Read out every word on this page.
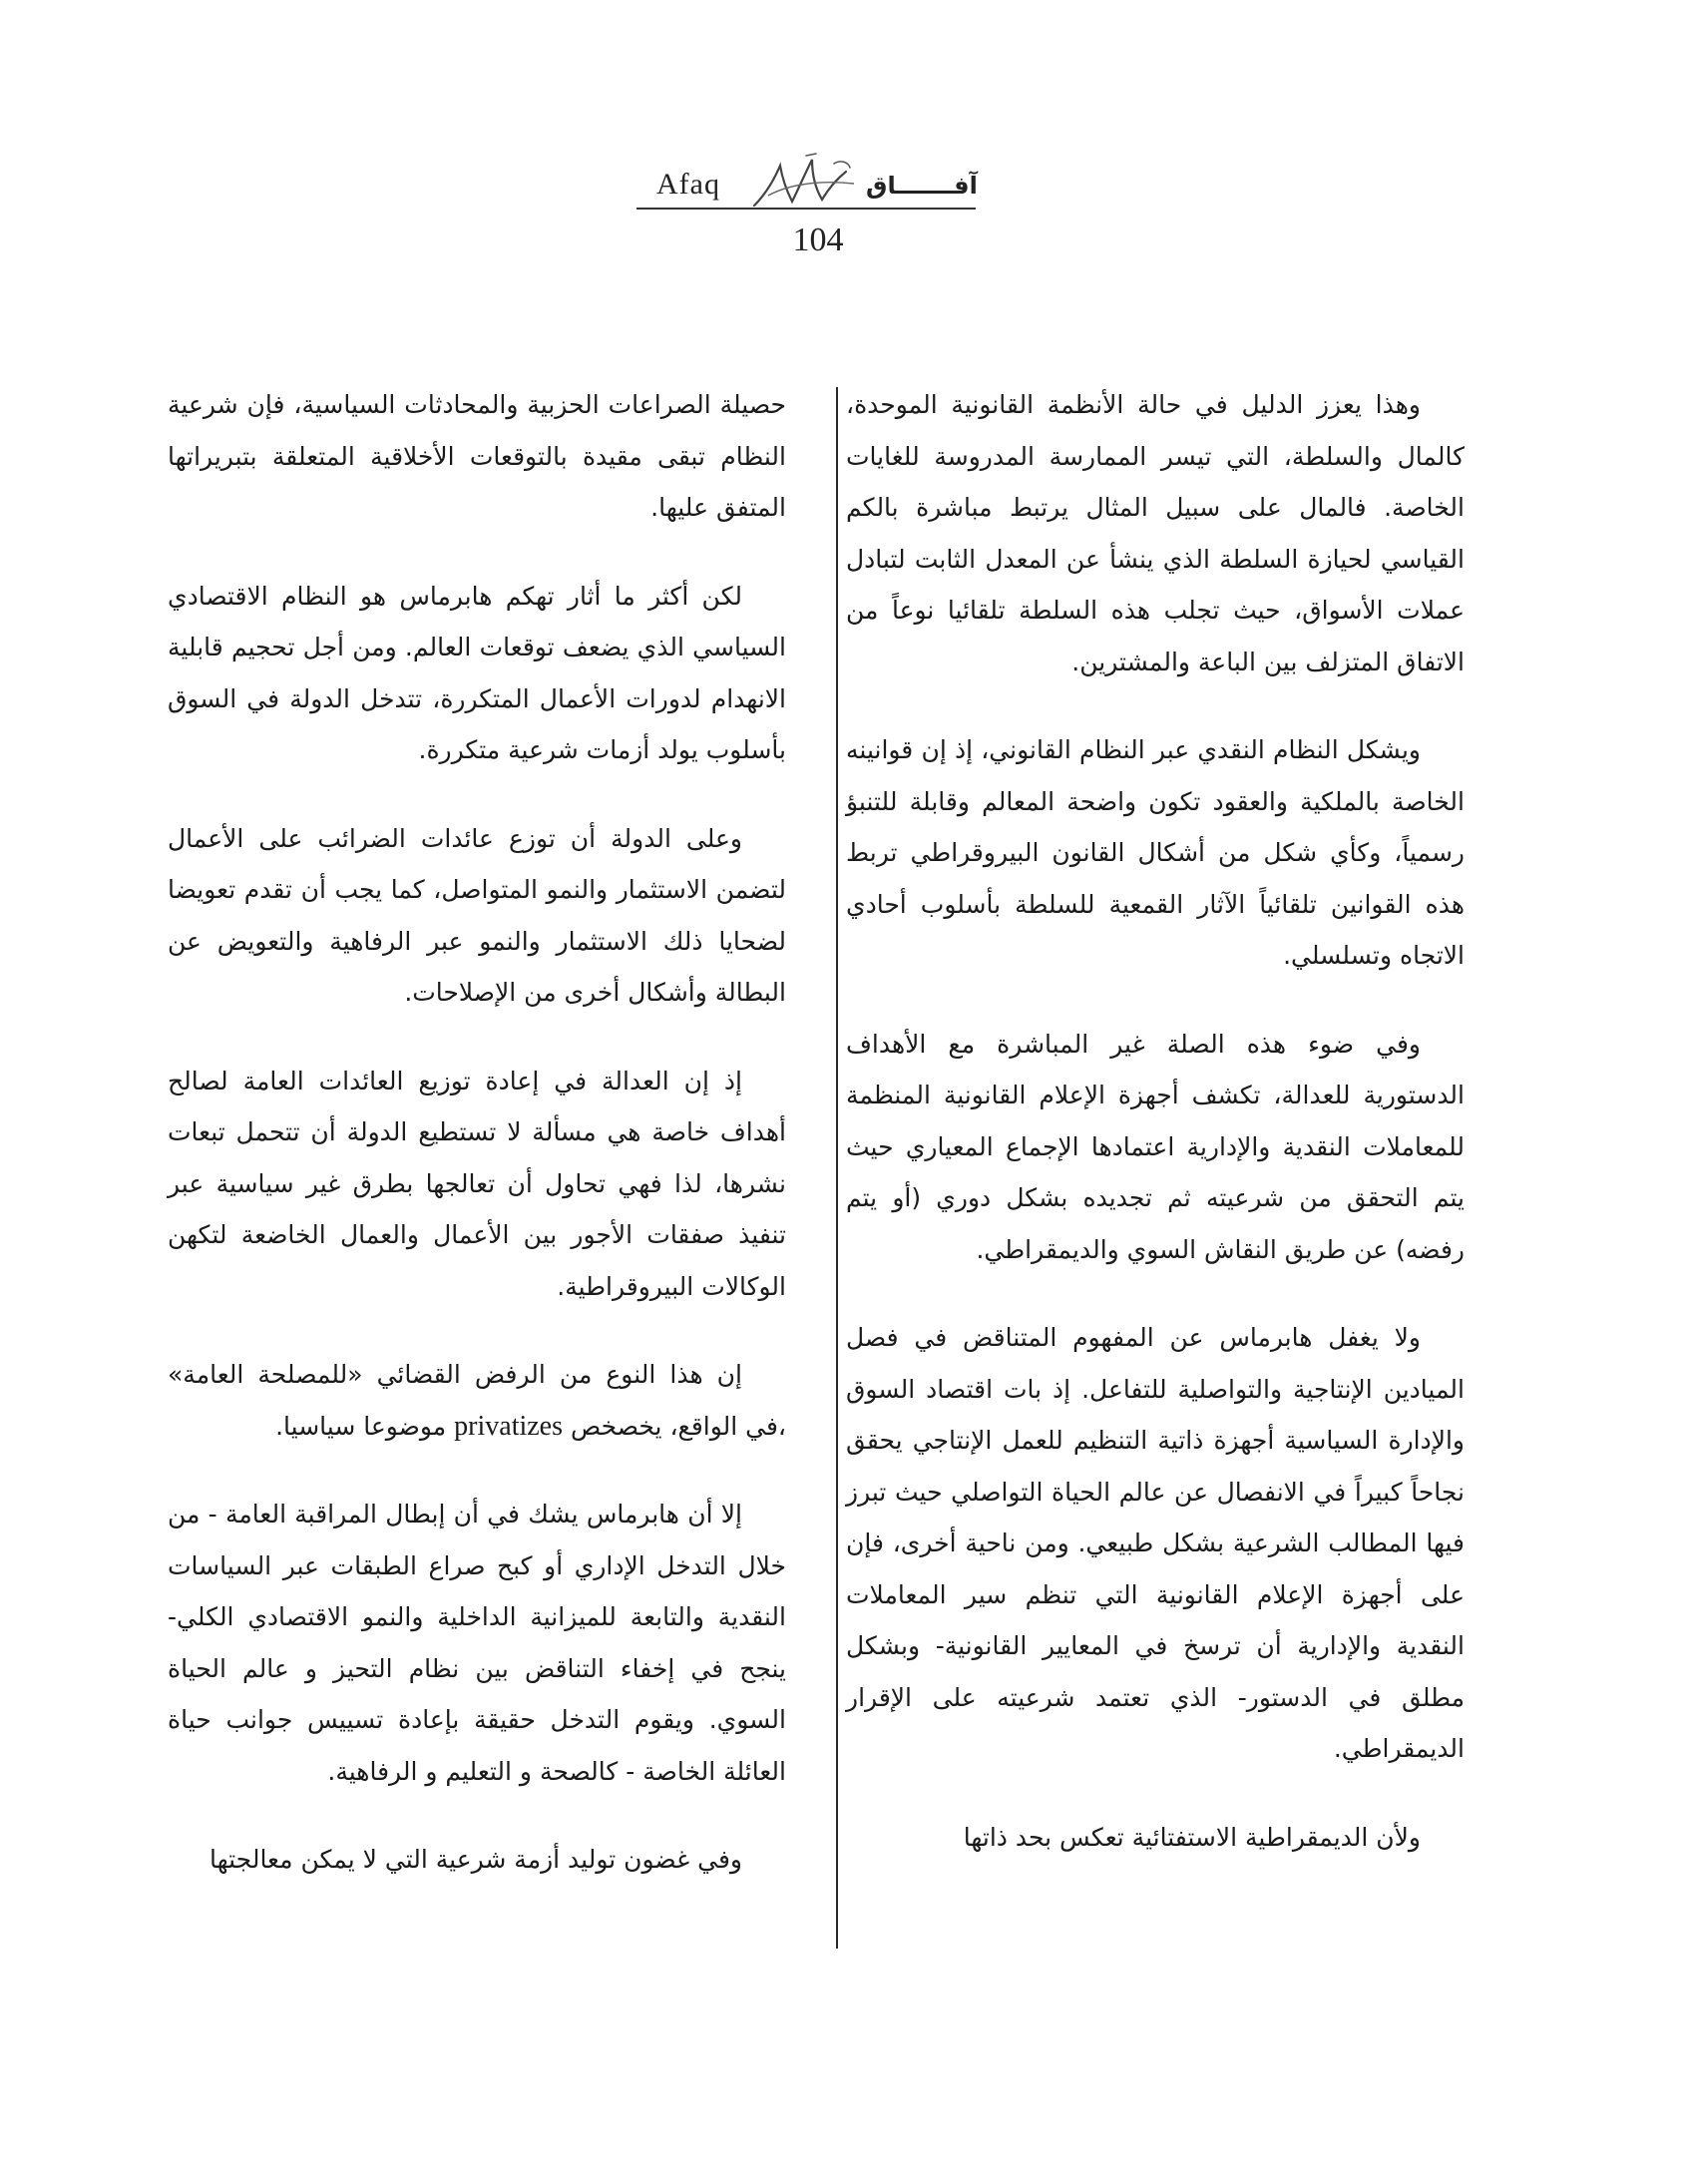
Afaq	آفـــــــاق
104

وهذا يعزز الدليل في حالة الأنظمة القانونية الموحدة، كالمال والسلطة، التي تيسر الممارسة المدروسة للغايات الخاصة. فالمال على سبيل المثال يرتبط مباشرة بالكم القياسي لحيازة السلطة الذي ينشأ عن المعدل الثابت لتبادل عملات الأسواق، حيث تجلب هذه السلطة تلقائيا نوعاً من الاتفاق المتزلف بين الباعة والمشترين.

ويشكل النظام النقدي عبر النظام القانوني، إذ إن قوانينه الخاصة بالملكية والعقود تكون واضحة المعالم وقابلة للتنبؤ رسمياً، وكأي شكل من أشكال القانون البيروقراطي تربط هذه القوانين تلقائياً الآثار القمعية للسلطة بأسلوب أحادي الاتجاه وتسلسلي.

وفي ضوء هذه الصلة غير المباشرة مع الأهداف الدستورية للعدالة، تكشف أجهزة الإعلام القانونية المنظمة للمعاملات النقدية والإدارية اعتمادها الإجماع المعياري حيث يتم التحقق من شرعيته ثم تجديده بشكل دوري (أو يتم رفضه) عن طريق النقاش السوي والديمقراطي.

ولا يغفل هابرماس عن المفهوم المتناقض في فصل الميادين الإنتاجية والتواصلية للتفاعل. إذ بات اقتصاد السوق والإدارة السياسية أجهزة ذاتية التنظيم للعمل الإنتاجي يحقق نجاحاً كبيراً في الانفصال عن عالم الحياة التواصلي حيث تبرز فيها المطالب الشرعية بشكل طبيعي. ومن ناحية أخرى، فإن على أجهزة الإعلام القانونية التي تنظم سير المعاملات النقدية والإدارية أن ترسخ في المعايير القانونية- وبشكل مطلق في الدستور- الذي تعتمد شرعيته على الإقرار الديمقراطي.

ولأن الديمقراطية الاستفتائية تعكس بحد ذاتها

حصيلة الصراعات الحزبية والمحادثات السياسية، فإن شرعية النظام تبقى مقيدة بالتوقعات الأخلاقية المتعلقة بتبريراتها المتفق عليها.

لكن أكثر ما أثار تهكم هابرماس هو النظام الاقتصادي السياسي الذي يضعف توقعات العالم. ومن أجل تحجيم قابلية الانهدام لدورات الأعمال المتكررة، تتدخل الدولة في السوق بأسلوب يولد أزمات شرعية متكررة.

وعلى الدولة أن توزع عائدات الضرائب على الأعمال لتضمن الاستثمار والنمو المتواصل، كما يجب أن تقدم تعويضا لضحايا ذلك الاستثمار والنمو عبر الرفاهية والتعويض عن البطالة وأشكال أخرى من الإصلاحات.

إذ إن العدالة في إعادة توزيع العائدات العامة لصالح أهداف خاصة هي مسألة لا تستطيع الدولة أن تتحمل تبعات نشرها، لذا فهي تحاول أن تعالجها بطرق غير سياسية عبر تنفيذ صفقات الأجور بين الأعمال والعمال الخاضعة لتكهن الوكالات البيروقراطية.

إن هذا النوع من الرفض القضائي «للمصلحة العامة» ،في الواقع، يخصخص privatizes موضوعا سياسيا.

إلا أن هابرماس يشك في أن إبطال المراقبة العامة - من خلال التدخل الإداري أو كبح صراع الطبقات عبر السياسات النقدية والتابعة للميزانية الداخلية والنمو الاقتصادي الكلي- ينجح في إخفاء التناقض بين نظام التحيز و عالم الحياة السوي. ويقوم التدخل حقيقة بإعادة تسييس جوانب حياة العائلة الخاصة - كالصحة و التعليم و الرفاهية.

وفي غضون توليد أزمة شرعية التي لا يمكن معالجتها
